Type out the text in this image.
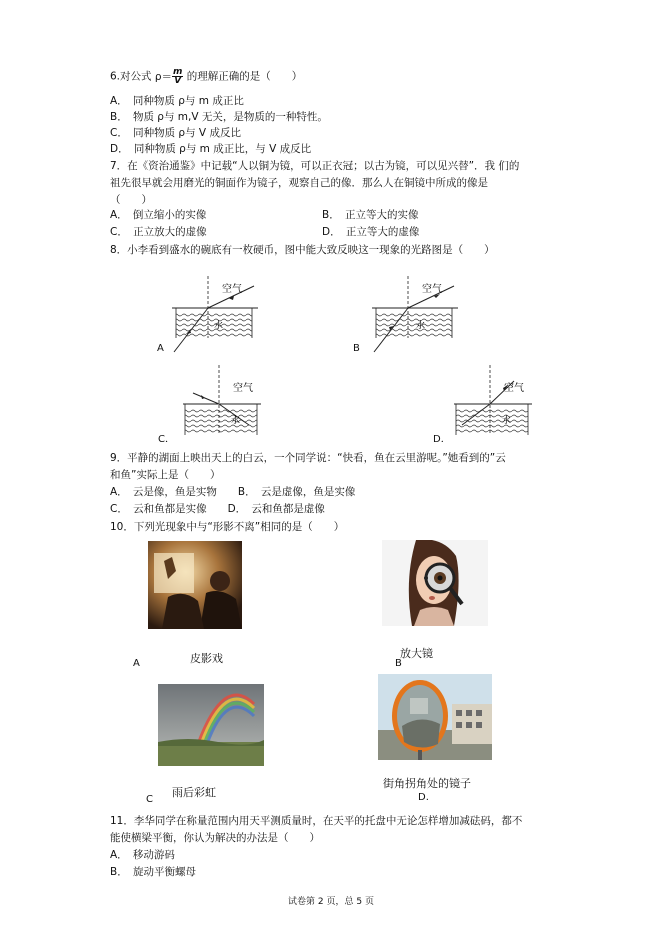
6.对公式 $\rho= \frac{m}{V}$ 的理解正确的是（　　）
A．　同种物质 ρ与 m 成正比
B．　物质 ρ与 m,V 无关，是物质的一种特性。
C．　同种物质 ρ与 V 成反比
D．　同种物质 ρ与 m 成正比，与 V 成反比
7．在《资治通鉴》中记载“人以铜为镜，可以正衣冠；以古为镜，可以见兴替”．我 们的
祖先很早就会用磨光的铜面作为镜子，观察自己的像．那么人在铜镜中所成的像是
（　　）
A．　倒立缩小的实像	B．　正立等大的实像
C．　正立放大的虚像	D．　正立等大的虚像
8．小李看到盛水的碗底有一枚硬币，图中能大致反映这一现象的光路图是（　　）
空气
水
A
空气
水
B
空气
水
C．
空气
水
D．
9．平静的湖面上映出天上的白云，一个同学说：“快看，鱼在云里游呢。”她看到的”云
和鱼”实际上是（　　）
A．　云是像，鱼是实物　　B．　云是虚像，鱼是实像
C．　云和鱼都是实像　　D．　云和鱼都是虚像
10．下列光现象中与“形影不离”相同的是（　　）
皮影戏
A
放大镜
B
雨后彩虹
C
街角拐角处的镜子
D.
11．李华同学在称量范围内用天平测质量时，在天平的托盘中无论怎样增加减砝码，都不
能使横梁平衡，你认为解决的办法是（　　）
A．　移动游码
B．　旋动平衡螺母
试卷第 2 页，总 5 页
